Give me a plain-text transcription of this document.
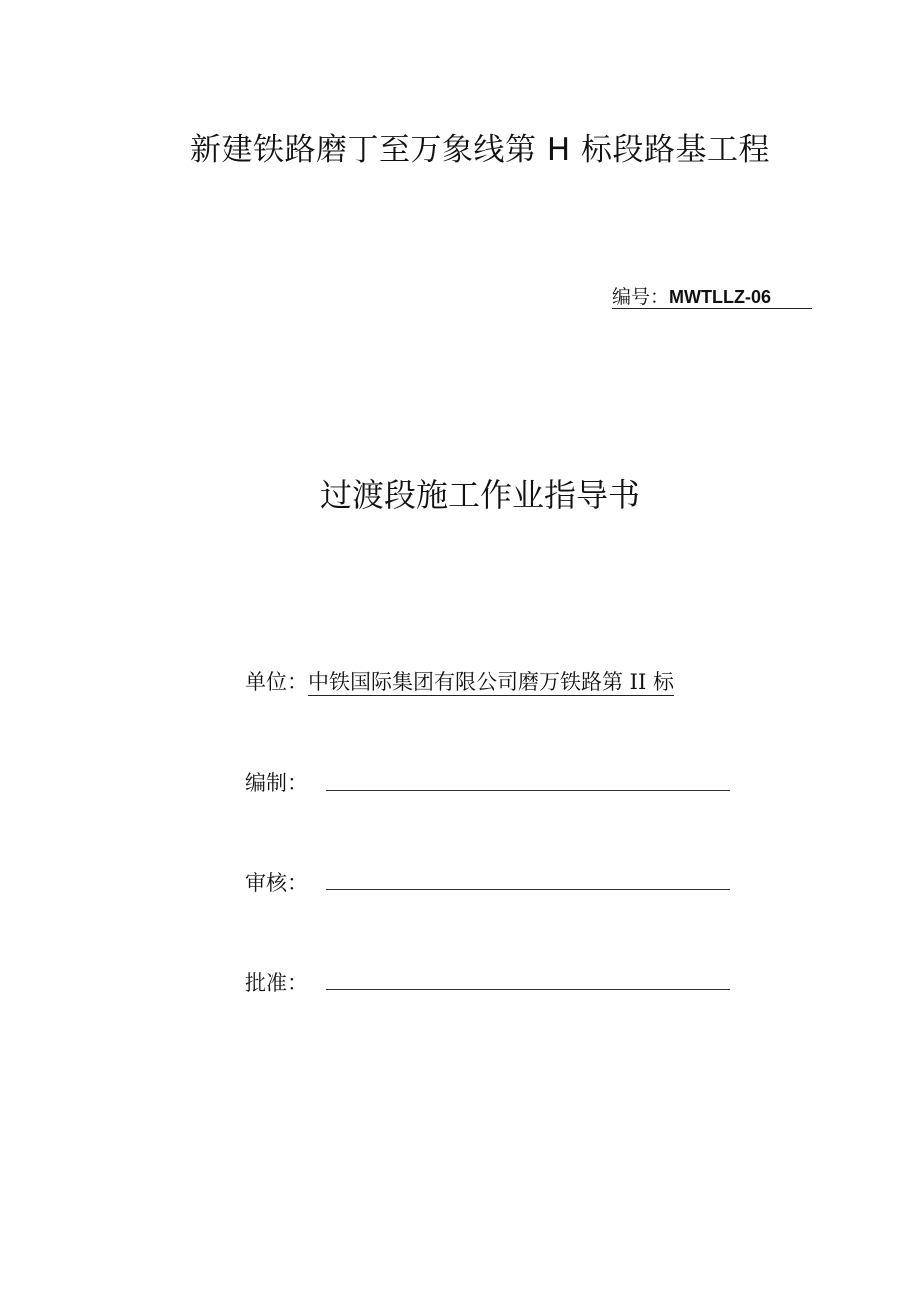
新建铁路磨丁至万象线第 H 标段路基工程
编号：MWTLLZ-06
过渡段施工作业指导书
单位：中铁国际集团有限公司磨万铁路第 II 标
编制：
审核：
批准：
